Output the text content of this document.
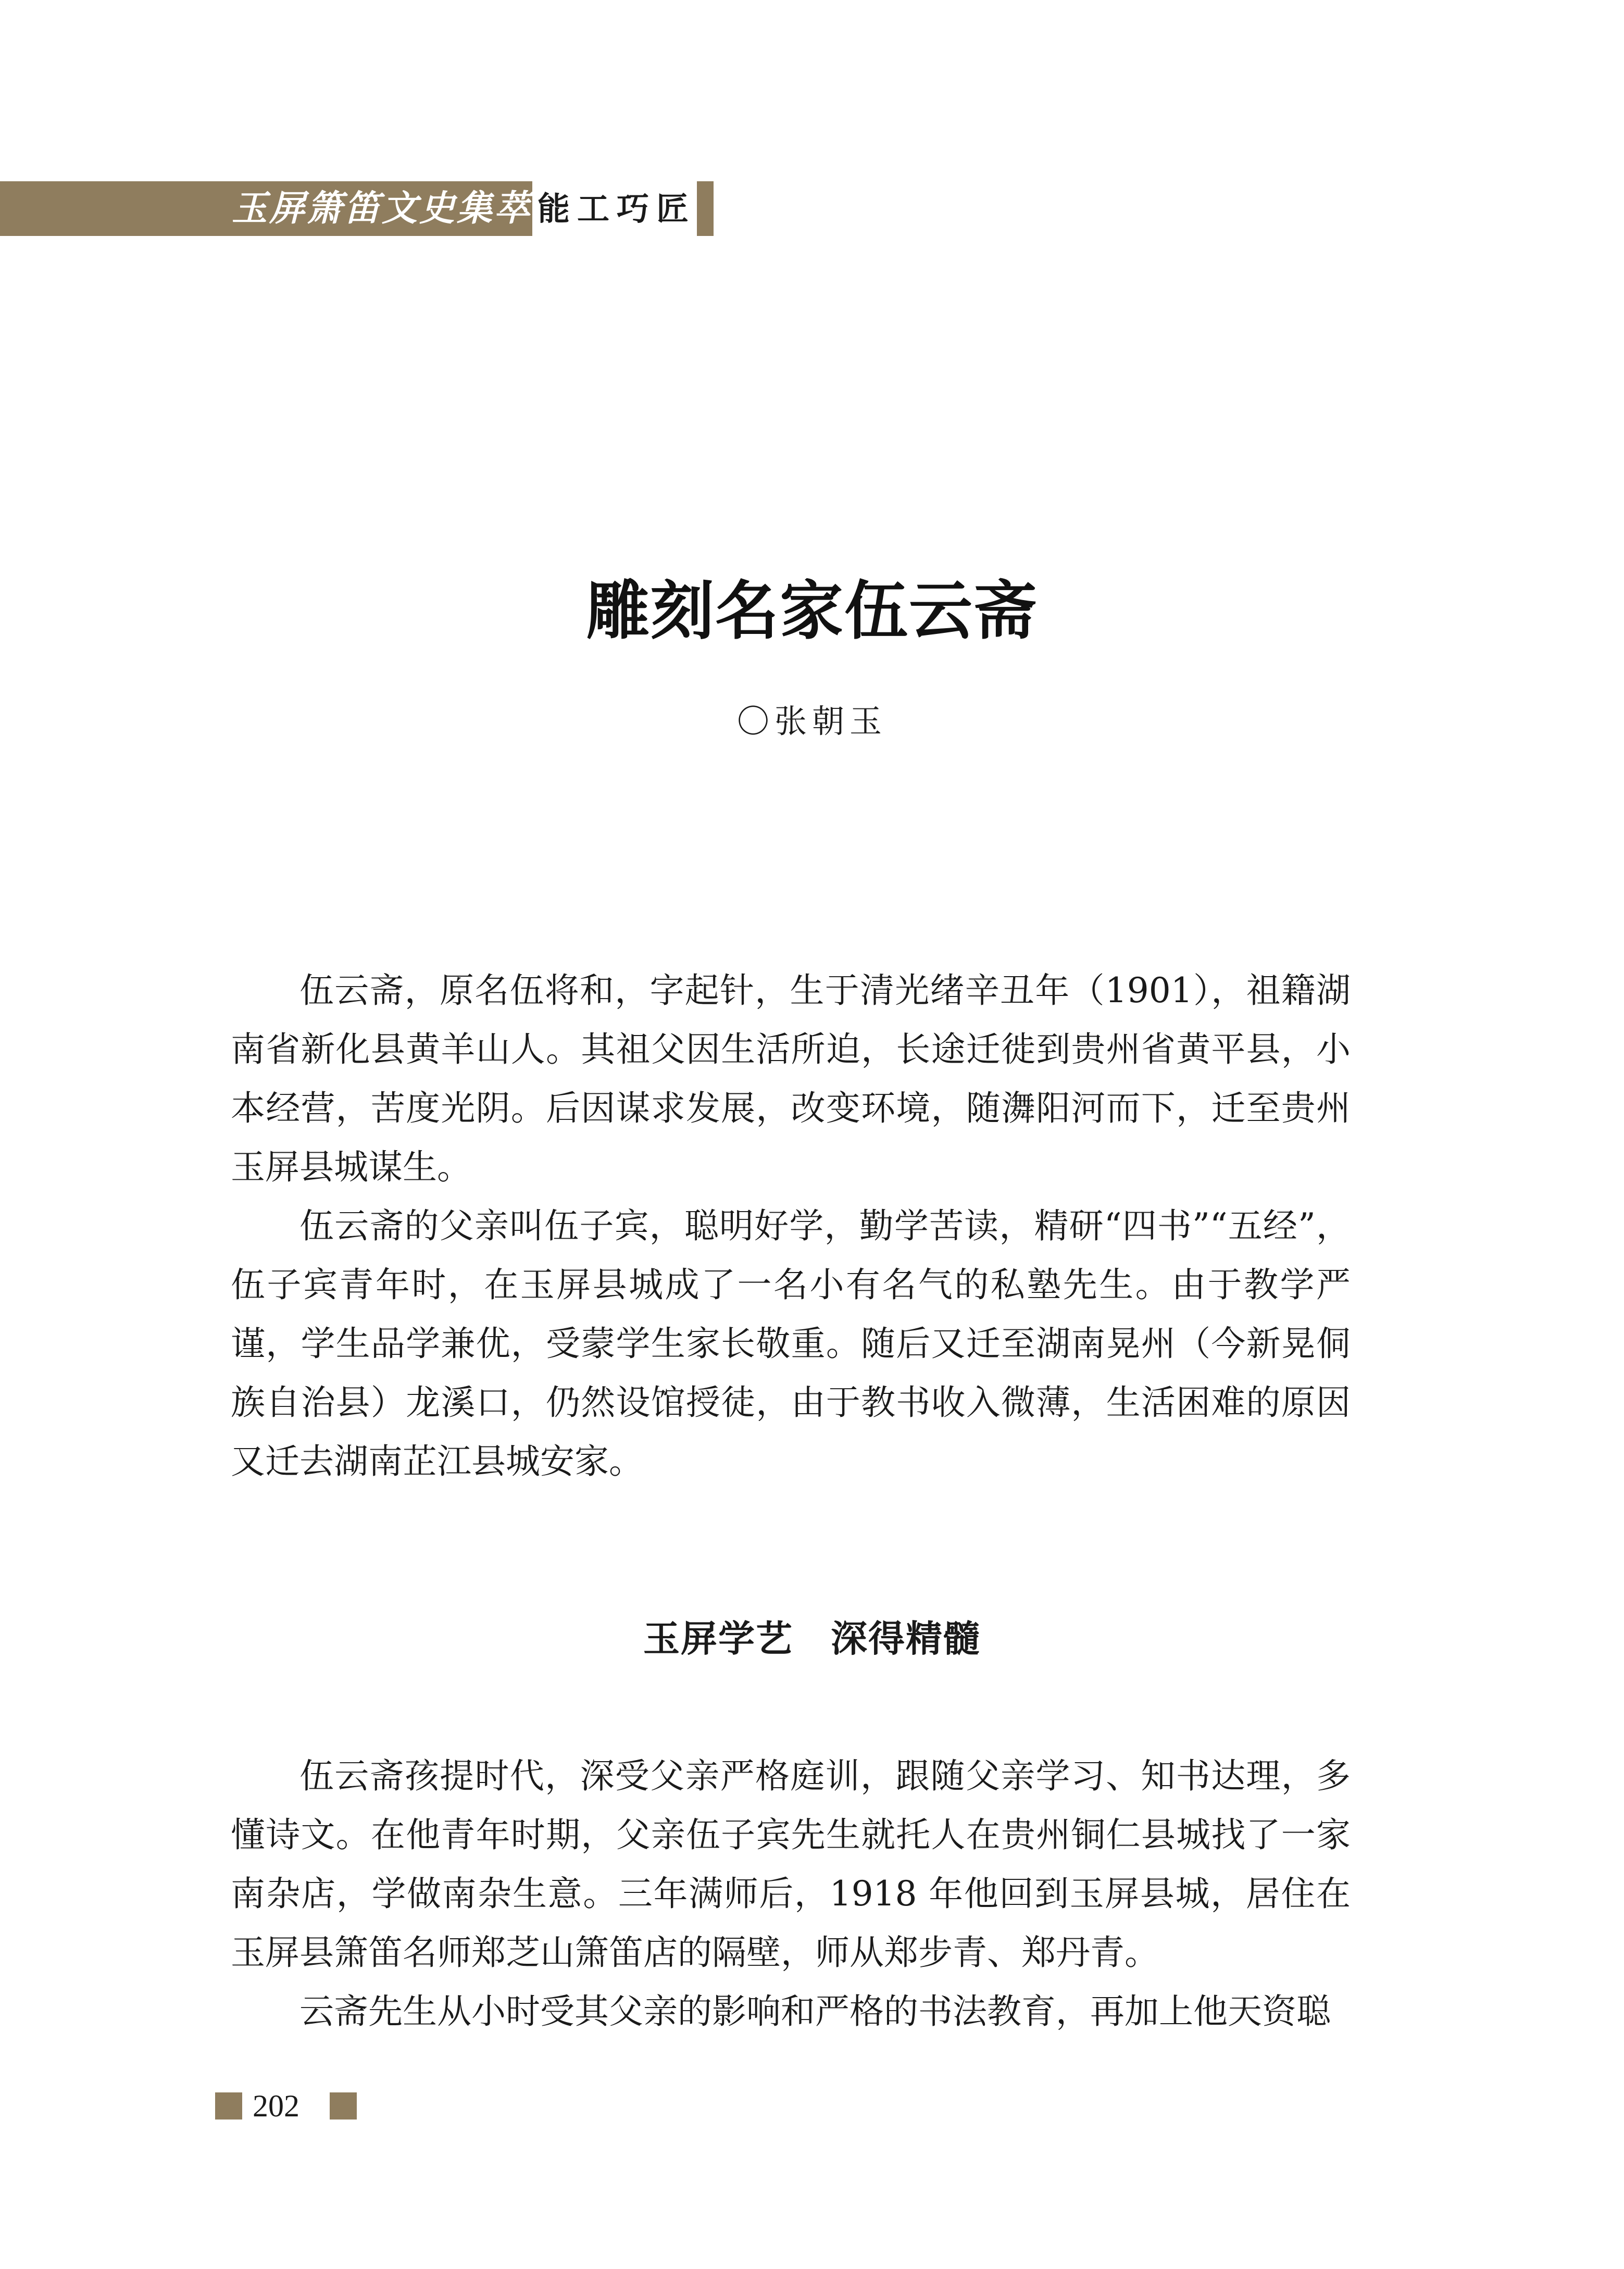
玉屏箫笛文史集萃 能工巧匠
雕刻名家伍云斋
〇张朝玉

伍云斋，原名伍将和，字起针，生于清光绪辛丑年（1901），祖籍湖南省新化县黄羊山人。其祖父因生活所迫，长途迁徙到贵州省黄平县，小本经营，苦度光阴。后因谋求发展，改变环境，随㵲阳河而下，迁至贵州玉屏县城谋生。

伍云斋的父亲叫伍子宾，聪明好学，勤学苦读，精研“四书”“五经”，伍子宾青年时，在玉屏县城成了一名小有名气的私塾先生。由于教学严谨，学生品学兼优，受蒙学生家长敬重。随后又迁至湖南晃州（今新晃侗族自治县）龙溪口，仍然设馆授徒，由于教书收入微薄，生活困难的原因又迁去湖南芷江县城安家。

玉屏学艺　深得精髓

伍云斋孩提时代，深受父亲严格庭训，跟随父亲学习、知书达理，多懂诗文。在他青年时期，父亲伍子宾先生就托人在贵州铜仁县城找了一家南杂店，学做南杂生意。三年满师后，1918 年他回到玉屏县城，居住在玉屏县箫笛名师郑芝山箫笛店的隔壁，师从郑步青、郑丹青。

云斋先生从小时受其父亲的影响和严格的书法教育，再加上他天资聪

202
